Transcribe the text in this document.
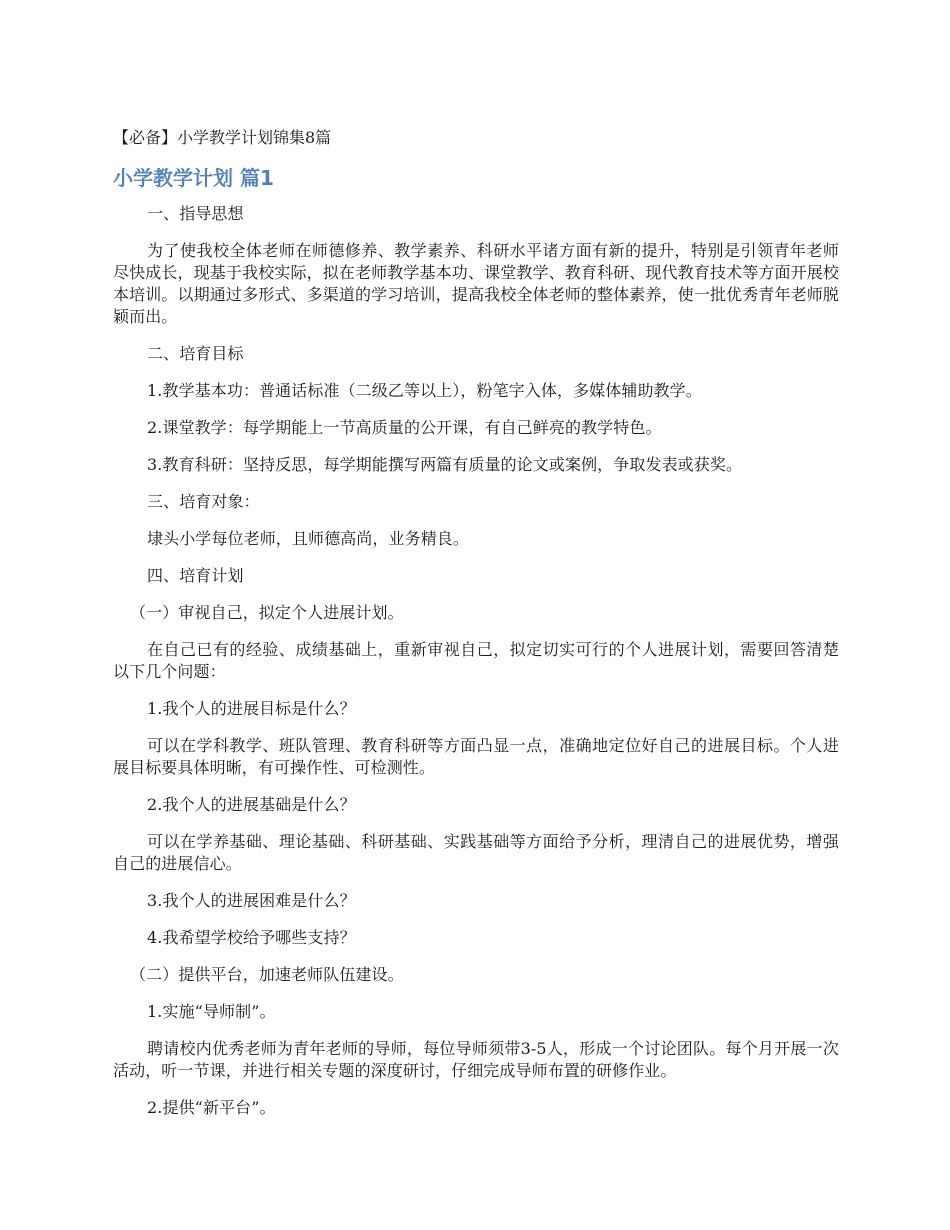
【必备】小学教学计划锦集8篇
小学教学计划 篇1

一、指导思想

为了使我校全体老师在师德修养、教学素养、科研水平诸方面有新的提升，特别是引领青年老师尽快成长，现基于我校实际，拟在老师教学基本功、课堂教学、教育科研、现代教育技术等方面开展校本培训。以期通过多形式、多渠道的学习培训，提高我校全体老师的整体素养，使一批优秀青年老师脱颖而出。

二、培育目标

1.教学基本功：普通话标准（二级乙等以上），粉笔字入体，多媒体辅助教学。

2.课堂教学：每学期能上一节高质量的公开课，有自己鲜亮的教学特色。

3.教育科研：坚持反思，每学期能撰写两篇有质量的论文或案例，争取发表或获奖。

三、培育对象：

埭头小学每位老师，且师德高尚，业务精良。

四、培育计划

（一）审视自己，拟定个人进展计划。

在自己已有的经验、成绩基础上，重新审视自己，拟定切实可行的个人进展计划，需要回答清楚以下几个问题：

1.我个人的进展目标是什么？

可以在学科教学、班队管理、教育科研等方面凸显一点，准确地定位好自己的进展目标。个人进展目标要具体明晰，有可操作性、可检测性。

2.我个人的进展基础是什么？

可以在学养基础、理论基础、科研基础、实践基础等方面给予分析，理清自己的进展优势，增强自己的进展信心。

3.我个人的进展困难是什么？

4.我希望学校给予哪些支持？

（二）提供平台，加速老师队伍建设。

1.实施“导师制”。

聘请校内优秀老师为青年老师的导师，每位导师须带3-5人，形成一个讨论团队。每个月开展一次活动，听一节课，并进行相关专题的深度研讨，仔细完成导师布置的研修作业。

2.提供“新平台”。
